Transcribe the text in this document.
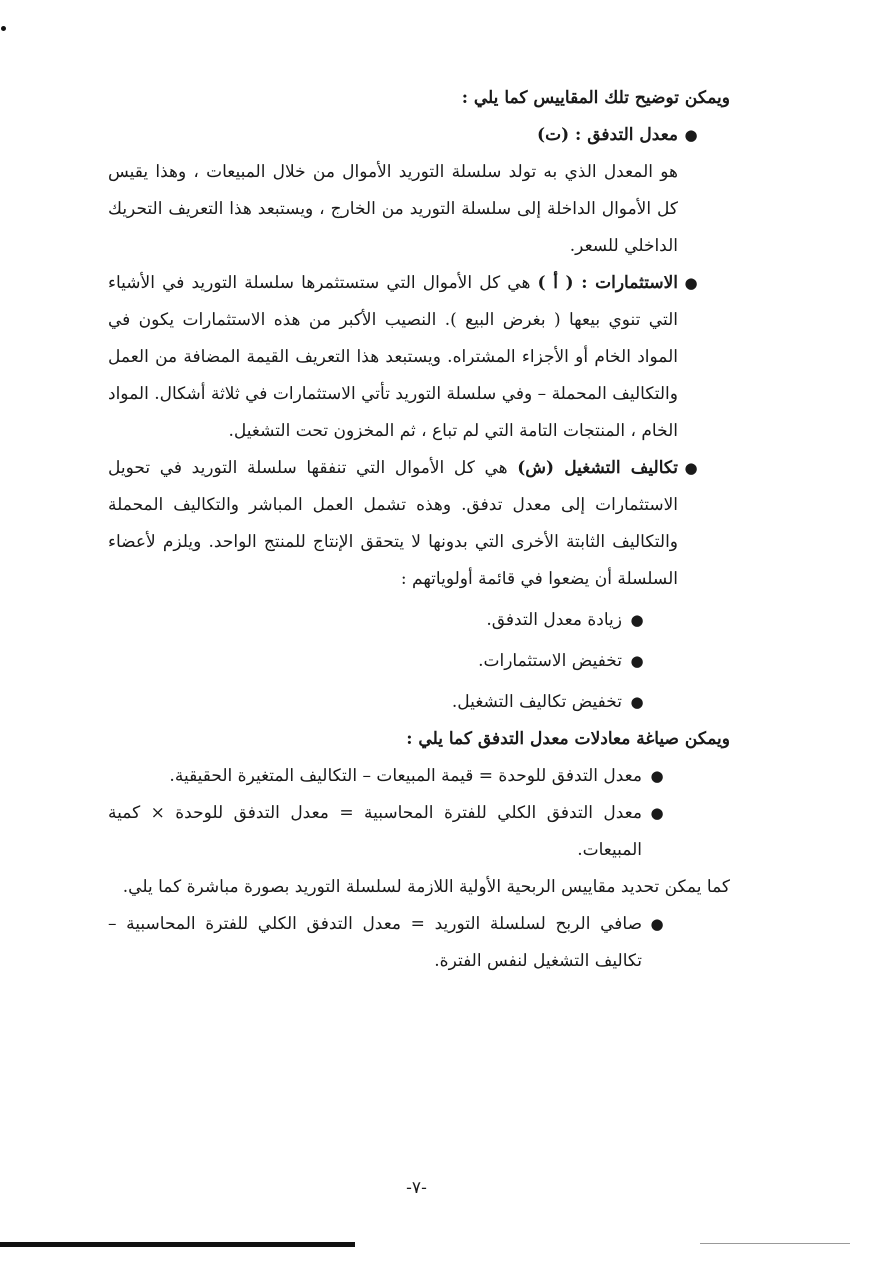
ويمكن توضيح تلك المقاييس كما يلي :

●
معدل التدفق : (ت)

هو المعدل الذي به تولد سلسلة التوريد الأموال من خلال المبيعات ، وهذا يقيس كل الأموال الداخلة إلى سلسلة التوريد من الخارج ، ويستبعد هذا التعريف التحريك الداخلي للسعر.

●
الاستثمارات : ( أ ) هي كل الأموال التي ستستثمرها سلسلة التوريد في الأشياء التي تنوي بيعها ( بغرض البيع ). النصيب الأكبر من هذه الاستثمارات يكون في المواد الخام أو الأجزاء المشتراه. ويستبعد هذا التعريف القيمة المضافة من العمل والتكاليف المحملة – وفي سلسلة التوريد تأتي الاستثمارات في ثلاثة أشكال. المواد الخام ، المنتجات التامة التي لم تباع ، ثم المخزون تحت التشغيل.

●
تكاليف التشغيل (ش) هي كل الأموال التي تنفقها سلسلة التوريد في تحويل الاستثمارات إلى معدل تدفق. وهذه تشمل العمل المباشر والتكاليف المحملة والتكاليف الثابتة الأخرى التي بدونها لا يتحقق الإنتاج للمنتج الواحد. ويلزم لأعضاء السلسلة أن يضعوا في قائمة أولوياتهم :

●
زيادة معدل التدفق.

●
تخفيض الاستثمارات.

●
تخفيض تكاليف التشغيل.

ويمكن صياغة معادلات معدل التدفق كما يلي :

●
معدل التدفق للوحدة = قيمة المبيعات – التكاليف المتغيرة الحقيقية.

●
معدل التدفق الكلي للفترة المحاسبية = معدل التدفق للوحدة × كمية المبيعات.

كما يمكن تحديد مقاييس الربحية الأولية اللازمة لسلسلة التوريد بصورة مباشرة كما يلي.

●
صافي الربح لسلسلة التوريد = معدل التدفق الكلي للفترة المحاسبية – تكاليف التشغيل لنفس الفترة.

-٧-
